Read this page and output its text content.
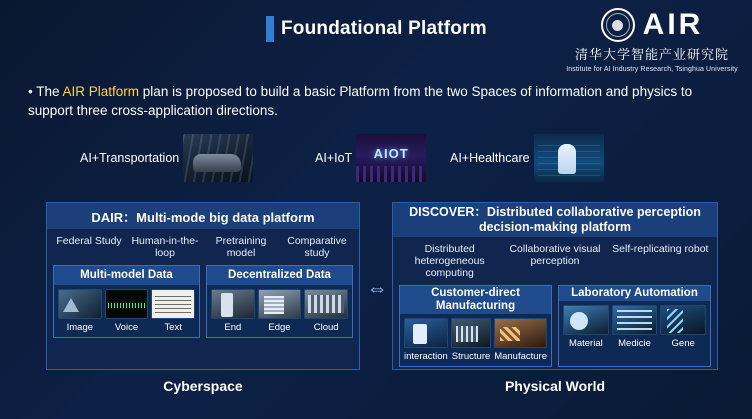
Foundational Platform	AIR
清华大学智能产业研究院
Institute for AI Industry Research, Tsinghua University
• The AIR Platform plan is proposed to build a basic Platform from the two Spaces of information and physics to support three cross-application directions.
AI+Transportation	AI+IoT AIOT	AI+Healthcare
DAIR：Multi-mode big data platform
Federal Study Human-in-the-loop
Pretraining model
Comparative study
Multi-model Data
Image	Voice	Text
Decentralized Data
End	Edge	Cloud
⇔
DISCOVER：Distributed collaborative perception decision-making platform
Distributed heterogeneous computing
Collaborative visual perception
Self-replicating robot
Customer-direct Manufacturing
interaction Structure Manufacture
Laboratory Automation
Material	Medicie	Gene
Cyberspace	Physical World
